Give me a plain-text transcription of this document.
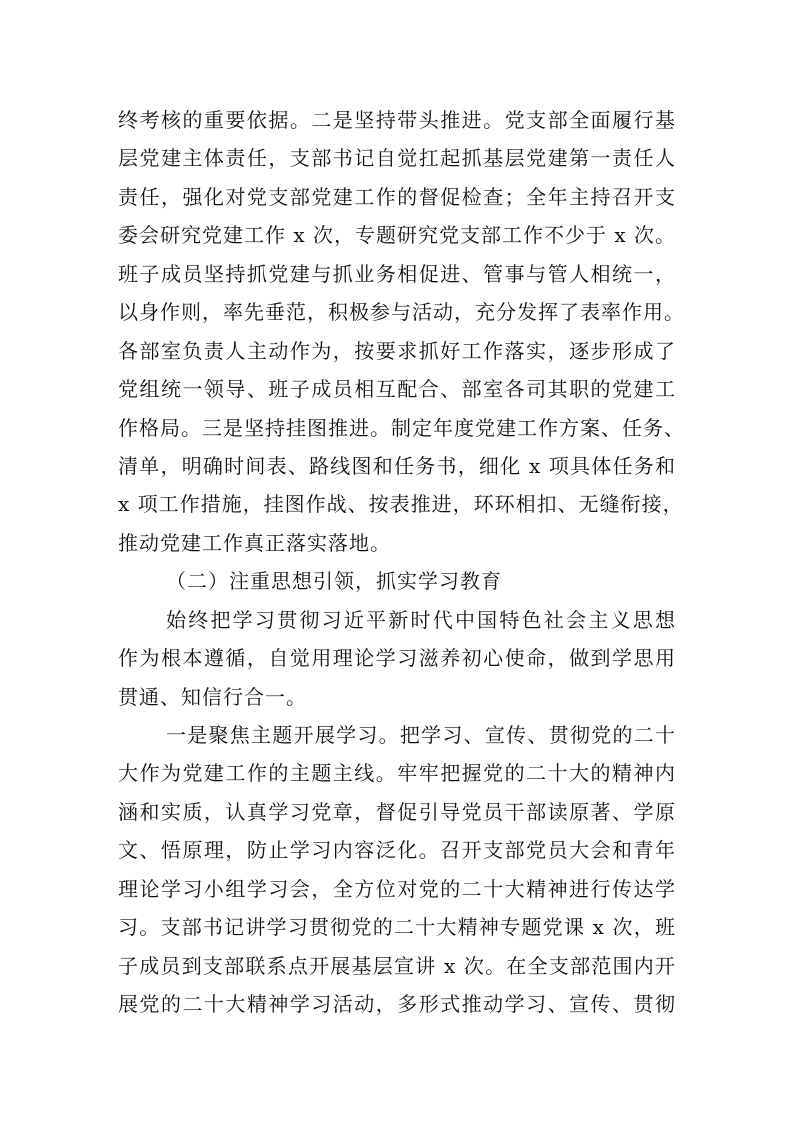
终考核的重要依据。二是坚持带头推进。党支部全面履行基
层党建主体责任，支部书记自觉扛起抓基层党建第一责任人
责任，强化对党支部党建工作的督促检查；全年主持召开支
委会研究党建工作 x 次，专题研究党支部工作不少于 x 次。
班子成员坚持抓党建与抓业务相促进、管事与管人相统一，
以身作则，率先垂范，积极参与活动，充分发挥了表率作用。
各部室负责人主动作为，按要求抓好工作落实，逐步形成了
党组统一领导、班子成员相互配合、部室各司其职的党建工
作格局。三是坚持挂图推进。制定年度党建工作方案、任务、
清单，明确时间表、路线图和任务书，细化 x 项具体任务和
x 项工作措施，挂图作战、按表推进，环环相扣、无缝衔接，
推动党建工作真正落实落地。
（二）注重思想引领，抓实学习教育
始终把学习贯彻习近平新时代中国特色社会主义思想
作为根本遵循，自觉用理论学习滋养初心使命，做到学思用
贯通、知信行合一。
一是聚焦主题开展学习。把学习、宣传、贯彻党的二十
大作为党建工作的主题主线。牢牢把握党的二十大的精神内
涵和实质，认真学习党章，督促引导党员干部读原著、学原
文、悟原理，防止学习内容泛化。召开支部党员大会和青年
理论学习小组学习会，全方位对党的二十大精神进行传达学
习。支部书记讲学习贯彻党的二十大精神专题党课 x 次，班
子成员到支部联系点开展基层宣讲 x 次。在全支部范围内开
展党的二十大精神学习活动，多形式推动学习、宣传、贯彻
